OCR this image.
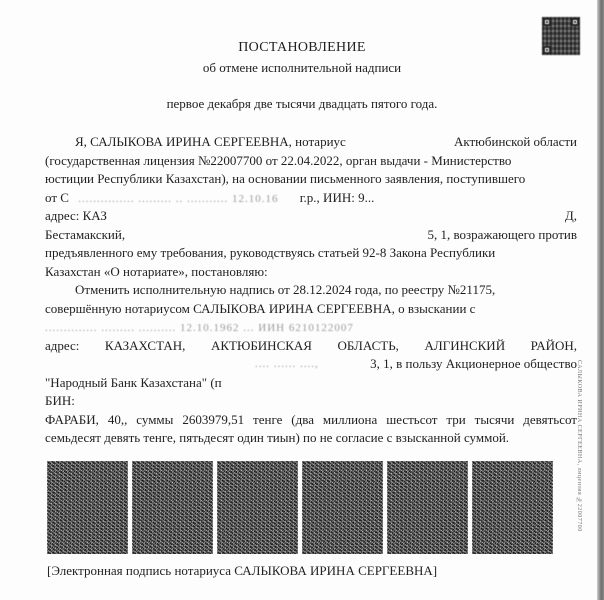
ПОСТАНОВЛЕНИЕ
об отмене исполнительной надписи
первое декабря две тысячи двадцать пятого года.
Я, САЛЫКОВА ИРИНА СЕРГЕЕВНА, нотариус	Актюбинской области
(государственная лицензия №22007700 от 22.04.2022, орган выдачи - Министерство
юстиции Республики Казахстан), на основании письменного заявления, поступившего
от С ............... ......... .. ........... 12.10.16 г.р., ИИН: 9...
адрес: КАЗ	Д,
Бестамакский,	5, 1, возражающего против
предъявленного ему требования, руководствуясь статьей 92-8 Закона Республики
Казахстан «О нотариате», постановляю:
Отменить исполнительную надпись от 28.12.2024 года, по реестру №21175,
совершённую нотариусом САЛЫКОВА ИРИНА СЕРГЕЕВНА, о взыскании с
.............. ......... .......... 12.10.1962 ... ИИН 6210122007
адрес: КАЗАХСТАН, АКТЮБИНСКАЯ ОБЛАСТЬ, АЛГИНСКИЙ РАЙОН,
.... ...... ....,	3, 1, в пользу Акционерное общество
"Народный Банк Казахстана" (п
БИН:
ФАРАБИ, 40,, суммы 2603979,51 тенге (два миллиона шестьсот три тысячи девятьсот
семьдесят девять тенге, пятьдесят один тиын) по не согласие с взысканной суммой.
[Электронная подпись нотариуса САЛЫКОВА ИРИНА СЕРГЕЕВНА]
САЛЫКОВА ИРИНА СЕРГЕЕВНА, лицензия №22007700
